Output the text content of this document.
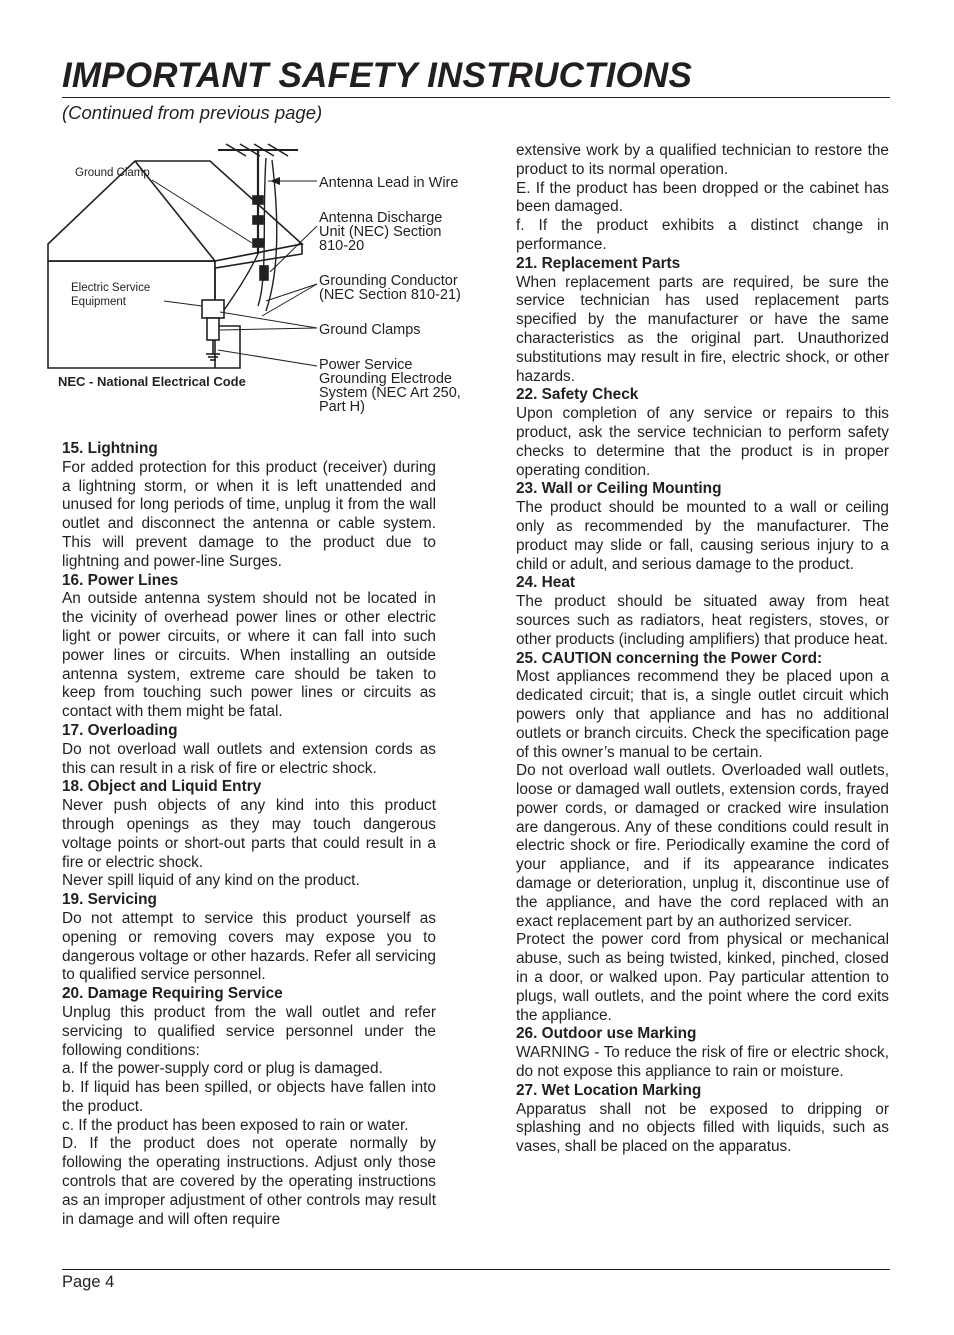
IMPORTANT SAFETY INSTRUCTIONS
(Continued from previous page)
Ground Clamp
Electric Service
Equipment
NEC - National Electrical Code
Antenna Lead in Wire
Antenna Discharge
Unit (NEC) Section
810-20
Grounding Conductor
(NEC Section 810-21)
Ground Clamps
Power Service
Grounding Electrode
System (NEC Art 250,
Part H)
15. Lightning

For added protection for this product (receiver) during a lightning storm, or when it is left unattended and unused for long periods of time, unplug it from the wall outlet and disconnect the antenna or cable system. This will prevent damage to the product due to lightning and power-line Surges.

16. Power Lines

An outside antenna system should not be located in the vicinity of overhead power lines or other electric light or power circuits, or where it can fall into such power lines or circuits. When installing an outside antenna system, extreme care should be taken to keep from touching such power lines or circuits as contact with them might be fatal.

17. Overloading

Do not overload wall outlets and extension cords as this can result in a risk of fire or electric shock.

18. Object and Liquid Entry

Never push objects of any kind into this product through openings as they may touch dangerous voltage points or short-out parts that could result in a fire or electric shock.

Never spill liquid of any kind on the product.

19. Servicing

Do not attempt to service this product yourself as opening or removing covers may expose you to dangerous voltage or other hazards. Refer all servicing to qualified service personnel.

20. Damage Requiring Service

Unplug this product from the wall outlet and refer servicing to qualified service personnel under the following conditions:

a. If the power-supply cord or plug is damaged.

b. If liquid has been spilled, or objects have fallen into the product.

c. If the product has been exposed to rain or water.

D. If the product does not operate normally by following the operating instructions. Adjust only those controls that are covered by the operating instructions as an improper adjustment of other controls may result in damage and will often require

extensive work by a qualified technician to restore the product to its normal operation.

E. If the product has been dropped or the cabinet has been damaged.

f. If the product exhibits a distinct change in performance.

21. Replacement Parts

When replacement parts are required, be sure the service technician has used replacement parts specified by the manufacturer or have the same characteristics as the original part. Unauthorized substitutions may result in fire, electric shock, or other hazards.

22. Safety Check

Upon completion of any service or repairs to this product, ask the service technician to perform safety checks to determine that the product is in proper operating condition.

23. Wall or Ceiling Mounting

The product should be mounted to a wall or ceiling only as recommended by the manufacturer. The product may slide or fall, causing serious injury to a child or adult, and serious damage to the product.

24. Heat

The product should be situated away from heat sources such as radiators, heat registers, stoves, or other products (including amplifiers) that produce heat.

25. CAUTION concerning the Power Cord:

Most appliances recommend they be placed upon a dedicated circuit; that is, a single outlet circuit which powers only that appliance and has no additional outlets or branch circuits. Check the specification page of this owner’s manual to be certain.

Do not overload wall outlets. Overloaded wall outlets, loose or damaged wall outlets, extension cords, frayed power cords, or damaged or cracked wire insulation are dangerous. Any of these conditions could result in electric shock or fire. Periodically examine the cord of your appliance, and if its appearance indicates damage or deterioration, unplug it, discontinue use of the appliance, and have the cord replaced with an exact replacement part by an authorized servicer.

Protect the power cord from physical or mechanical abuse, such as being twisted, kinked, pinched, closed in a door, or walked upon. Pay particular attention to plugs, wall outlets, and the point where the cord exits the appliance.

26. Outdoor use Marking

WARNING - To reduce the risk of fire or electric shock, do not expose this appliance to rain or moisture.

27. Wet Location Marking

Apparatus shall not be exposed to dripping or splashing and no objects filled with liquids, such as vases, shall be placed on the apparatus.

Page 4
